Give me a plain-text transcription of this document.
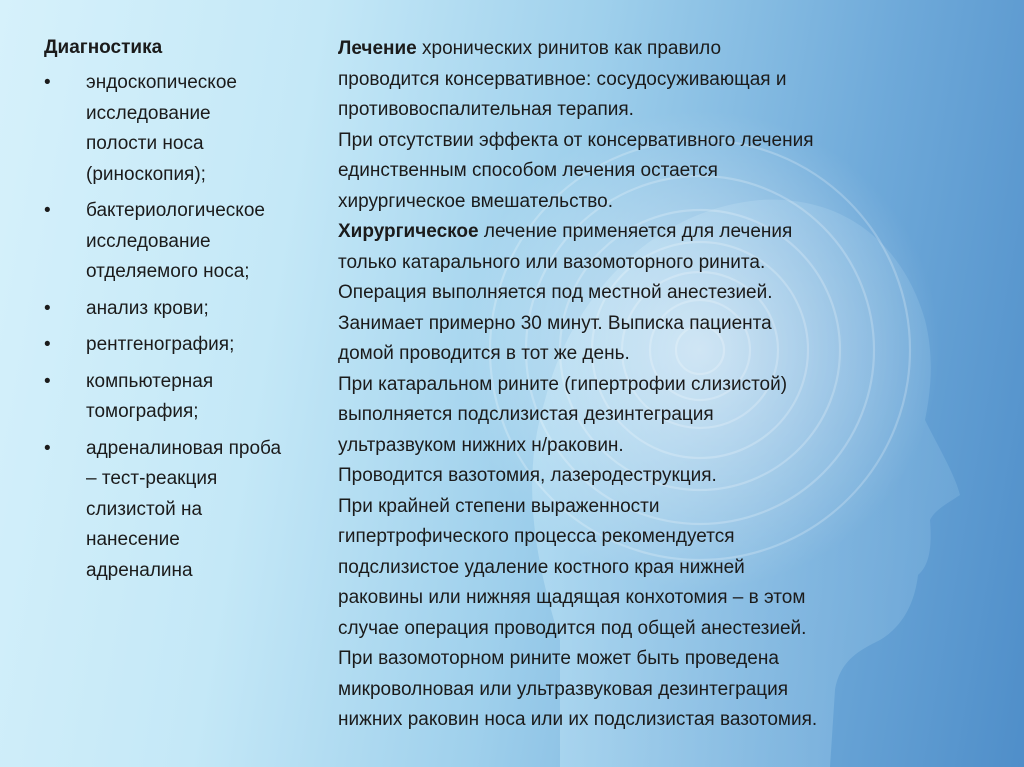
Диагностика
• эндоскопическое
исследование
полости носа
(риноскопия);
• бактериологическое
исследование
отделяемого носа;
• анализ крови;
• рентгенография;
• компьютерная
томография;
• адреналиновая проба
– тест-реакция
слизистой на
нанесение
адреналина

Лечение хронических ринитов как правило

проводится консервативное: сосудосуживающая и

противовоспалительная терапия.

При отсутствии эффекта от консервативного лечения

единственным способом лечения остается

хирургическое вмешательство.

Хирургическое лечение применяется для лечения

только катарального или вазомоторного ринита.

Операция выполняется под местной анестезией.

Занимает примерно 30 минут. Выписка пациента

домой проводится в тот же день.

При катаральном рините (гипертрофии слизистой)

выполняется подслизистая дезинтеграция

ультразвуком нижних н/раковин.

Проводится вазотомия, лазеродеструкция.

При крайней степени выраженности

гипертрофического процесса рекомендуется

подслизистое удаление костного края нижней

раковины или нижняя щадящая конхотомия – в этом

случае операция проводится под общей анестезией.

При вазомоторном рините может быть проведена

микроволновая или ультразвуковая дезинтеграция

нижних раковин носа или их подслизистая вазотомия.
